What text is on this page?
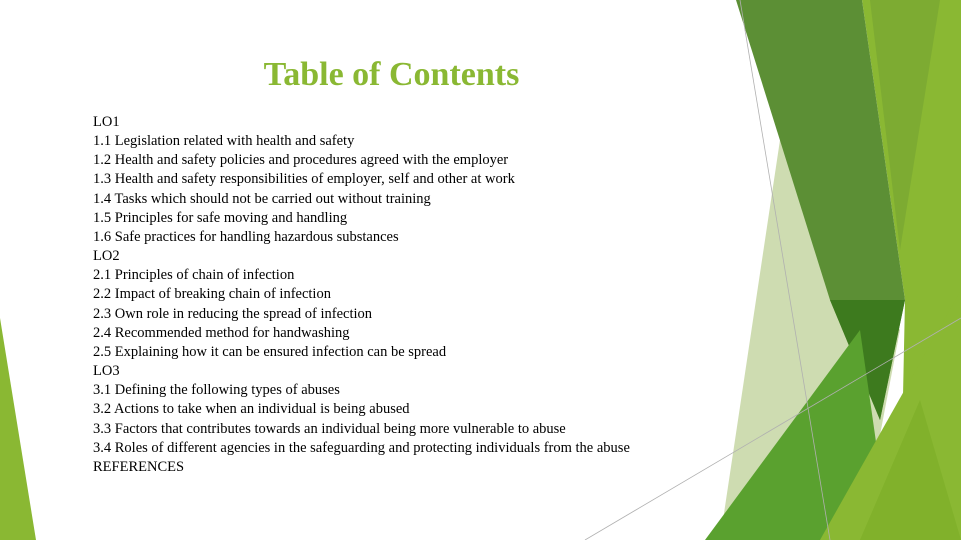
Table of Contents
LO1
1.1 Legislation related with health and safety
1.2 Health and safety policies and procedures agreed with the employer
1.3 Health and safety responsibilities of employer, self and other at work
1.4 Tasks which should not be carried out without training
1.5 Principles for safe moving and handling
1.6 Safe practices for handling hazardous substances
LO2
2.1 Principles of chain of infection
2.2 Impact of breaking chain of infection
2.3 Own role in reducing the spread of infection
2.4 Recommended method for handwashing
2.5 Explaining how it can be ensured infection can be spread
LO3
3.1 Defining the following types of abuses
3.2 Actions to take when an individual is being abused
3.3 Factors that contributes towards an individual being more vulnerable to abuse
3.4 Roles of different agencies in the safeguarding and protecting individuals from the abuse
REFERENCES
